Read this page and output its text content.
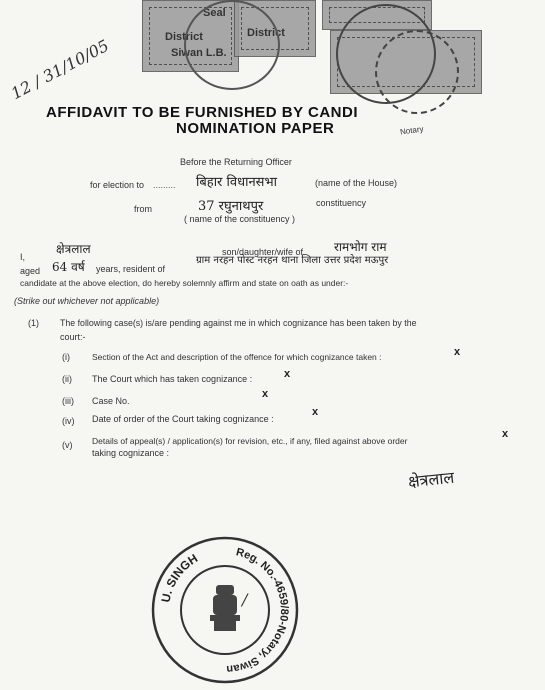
Seal
District
Siwan L.B.
District
Notary
12 / 31/10/05
AFFIDAVIT TO BE FURNISHED BY CANDI
NOMINATION PAPER
Before the Returning Officer
for election to ......... बिहार विधानसभा	(name of the House)
from	37 रघुनाथपुर	constituency
( name of the constituency )
I,
क्षेत्रलाल	son/daughter/wife of	रामभोग राम
aged 64 वर्ष years, resident of
ग्राम नरहन पोस्ट नरहन थाना जिला उत्तर प्रदेश मऊपुर
candidate at the above election, do hereby solemnly affirm and state on oath as under:-
(Strike out whichever not applicable)
(1) The following case(s) is/are pending against me in which cognizance has been taken by the
court:-
(i)	Section of the Act and description of the offence for which cognizance taken :	x
(ii) The Court which has taken cognizance :	x
(iii) Case No.
x
(iv) Date of order of the Court taking cognizance :
x
(v) Details of appeal(s) / application(s) for revision, etc., if any, filed against above order
taking cognizance :
x
क्षेत्रलाल
U. SINGH	Reg. No.-4659/80-Notary, Siwan
/
